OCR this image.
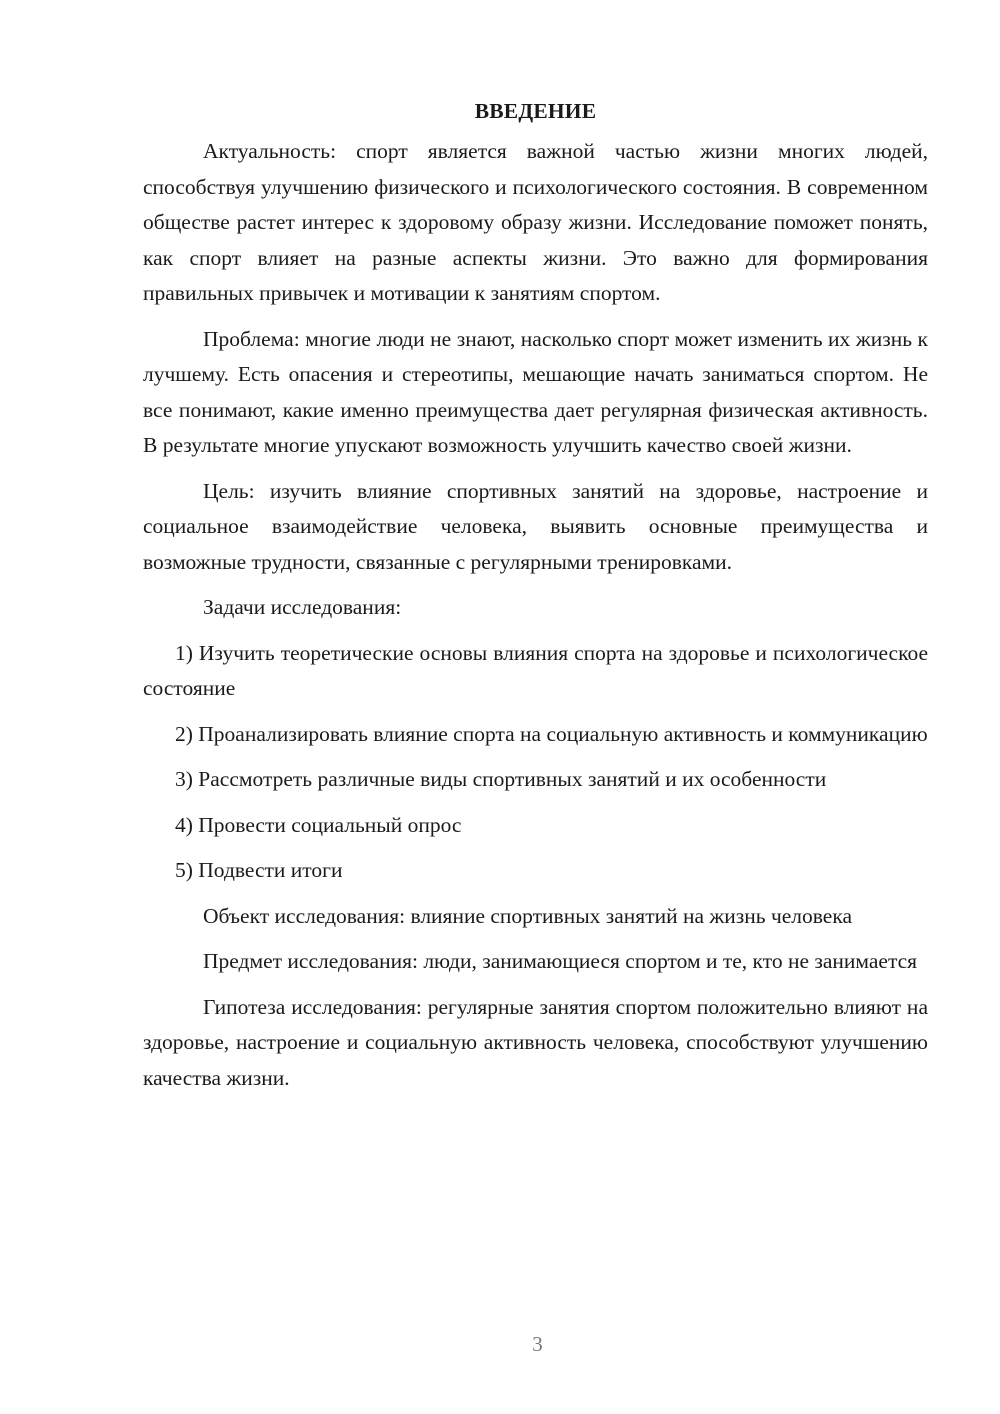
ВВЕДЕНИЕ

Актуальность: спорт является важной частью жизни многих людей, способствуя улучшению физического и психологического состояния. В современном обществе растет интерес к здоровому образу жизни. Исследование поможет понять, как спорт влияет на разные аспекты жизни. Это важно для формирования правильных привычек и мотивации к занятиям спортом.

Проблема: многие люди не знают, насколько спорт может изменить их жизнь к лучшему. Есть опасения и стереотипы, мешающие начать заниматься спортом. Не все понимают, какие именно преимущества дает регулярная физическая активность. В результате многие упускают возможность улучшить качество своей жизни.

Цель: изучить влияние спортивных занятий на здоровье, настроение и социальное взаимодействие человека, выявить основные преимущества и возможные трудности, связанные с регулярными тренировками.

Задачи исследования:

1) Изучить теоретические основы влияния спорта на здоровье и психологическое состояние

2) Проанализировать влияние спорта на социальную активность и коммуникацию

3) Рассмотреть различные виды спортивных занятий и их особенности

4) Провести социальный опрос

5) Подвести итоги

Объект исследования: влияние спортивных занятий на жизнь человека

Предмет исследования: люди, занимающиеся спортом и те, кто не занимается

Гипотеза исследования: регулярные занятия спортом положительно влияют на здоровье, настроение и социальную активность человека, способствуют улучшению качества жизни.

3
